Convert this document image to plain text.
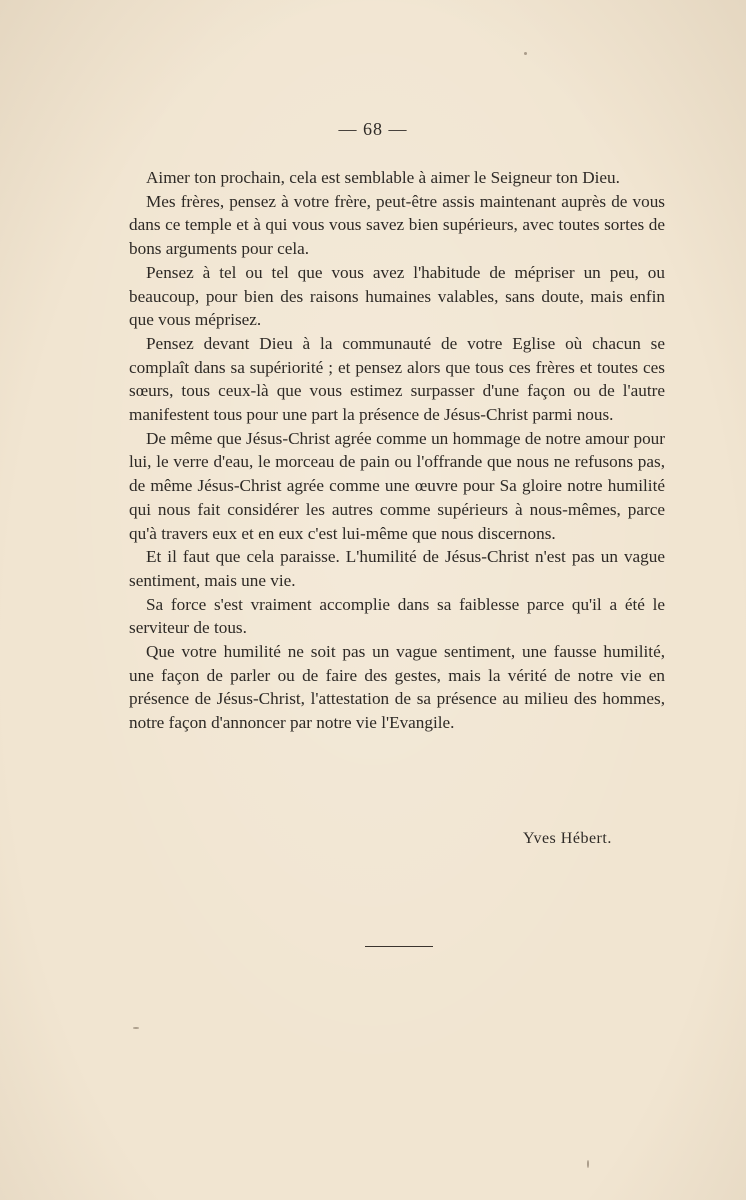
— 68 —

Aimer ton prochain, cela est semblable à aimer le Seigneur ton Dieu.

Mes frères, pensez à votre frère, peut-être assis maintenant auprès de vous dans ce temple et à qui vous vous savez bien supérieurs, avec toutes sortes de bons arguments pour cela.

Pensez à tel ou tel que vous avez l'habitude de mépriser un peu, ou beaucoup, pour bien des raisons humaines valables, sans doute, mais enfin que vous méprisez.

Pensez devant Dieu à la communauté de votre Eglise où chacun se complaît dans sa supériorité ; et pensez alors que tous ces frères et toutes ces sœurs, tous ceux-là que vous estimez surpasser d'une façon ou de l'autre manifestent tous pour une part la présence de Jésus-Christ parmi nous.

De même que Jésus-Christ agrée comme un hommage de notre amour pour lui, le verre d'eau, le morceau de pain ou l'offrande que nous ne refusons pas, de même Jésus-Christ agrée comme une œuvre pour Sa gloire notre humilité qui nous fait considérer les autres comme supérieurs à nous-mêmes, parce qu'à travers eux et en eux c'est lui-même que nous discernons.

Et il faut que cela paraisse. L'humilité de Jésus-Christ n'est pas un vague sentiment, mais une vie.

Sa force s'est vraiment accomplie dans sa faiblesse parce qu'il a été le serviteur de tous.

Que votre humilité ne soit pas un vague sentiment, une fausse humilité, une façon de parler ou de faire des gestes, mais la vérité de notre vie en présence de Jésus-Christ, l'attestation de sa présence au milieu des hommes, notre façon d'annoncer par notre vie l'Evangile.

Yves Hébert.
